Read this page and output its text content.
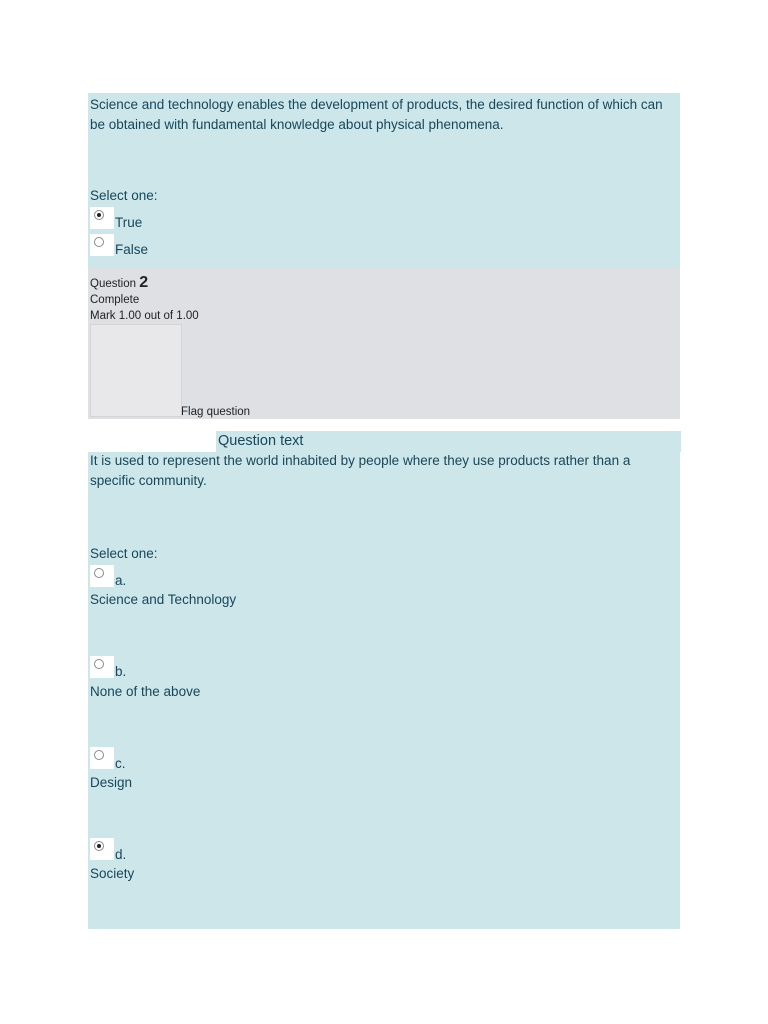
Science and technology enables the development of products, the desired function of which can be obtained with fundamental knowledge about physical phenomena.
Select one:
True
False
Question 2
Complete
Mark 1.00 out of 1.00
Flag question
Question text
It is used to represent the world inhabited by people where they use products rather than a specific community.
Select one:
a.
Science and Technology
b.
None of the above
c.
Design
d.
Society
